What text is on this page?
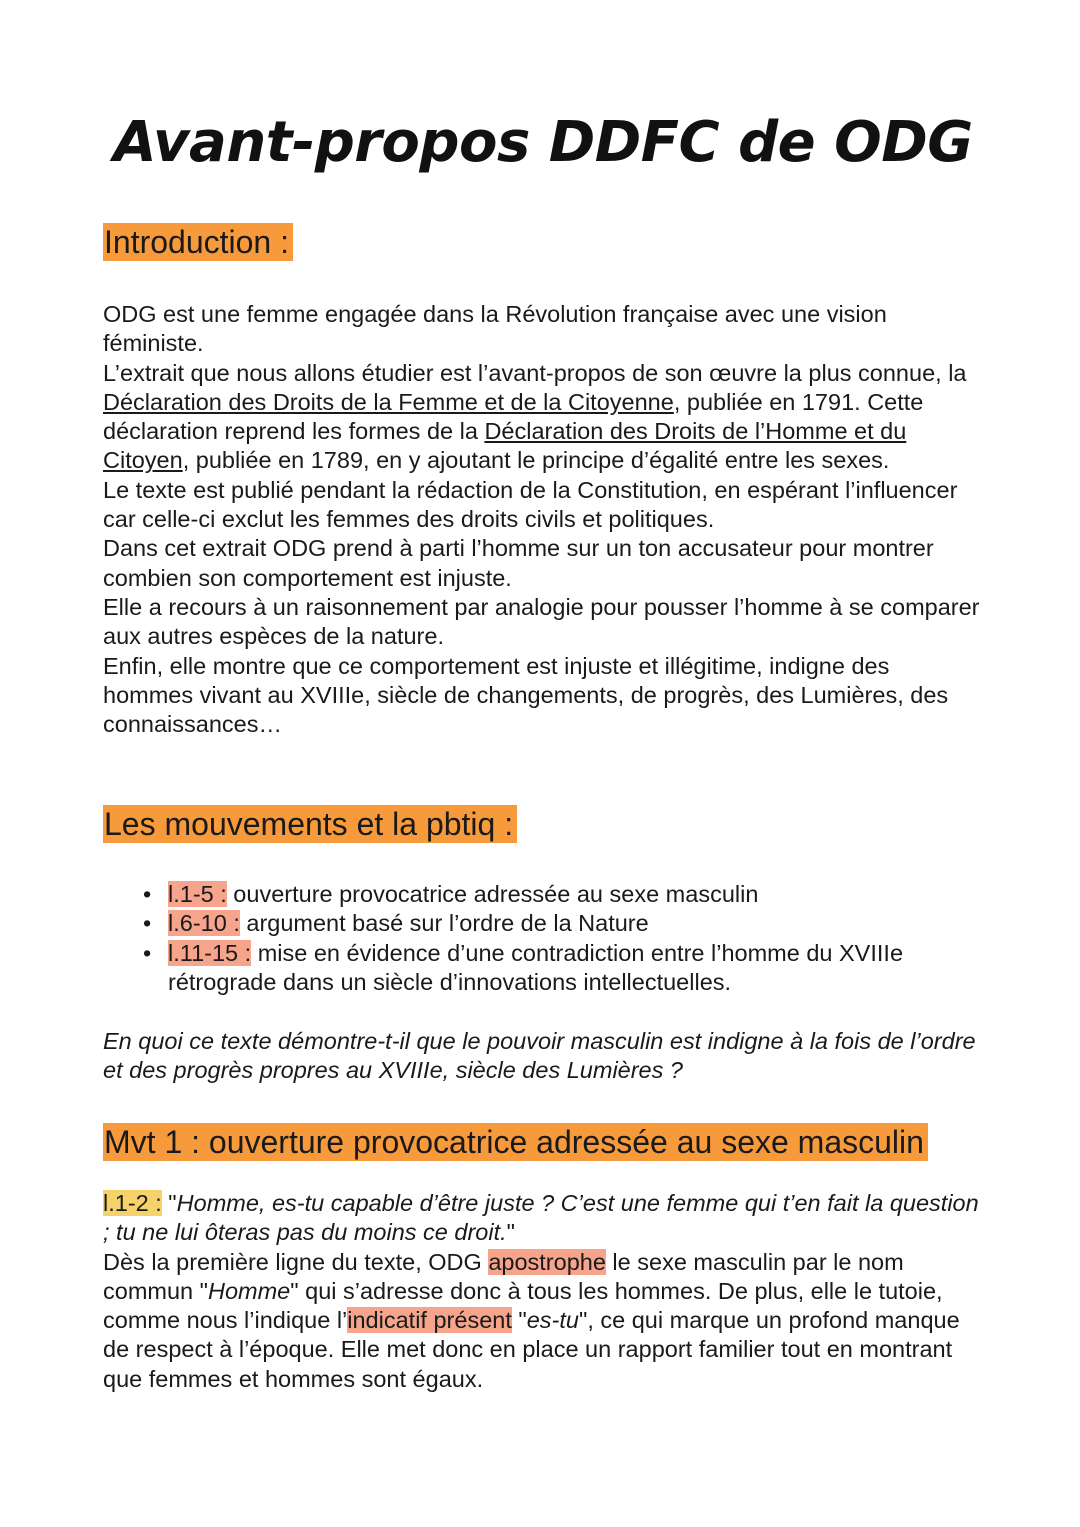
Avant-propos DDFC de ODG
Introduction :

ODG est une femme engagée dans la Révolution française avec une vision féministe.

L’extrait que nous allons étudier est l’avant-propos de son œuvre la plus connue, la Déclaration des Droits de la Femme et de la Citoyenne, publiée en 1791. Cette déclaration reprend les formes de la Déclaration des Droits de l’Homme et du Citoyen, publiée en 1789, en y ajoutant le principe d’égalité entre les sexes.

Le texte est publié pendant la rédaction de la Constitution, en espérant l’influencer car celle-ci exclut les femmes des droits civils et politiques.

Dans cet extrait ODG prend à parti l’homme sur un ton accusateur pour montrer combien son comportement est injuste.

Elle a recours à un raisonnement par analogie pour pousser l’homme à se comparer aux autres espèces de la nature.

Enfin, elle montre que ce comportement est injuste et illégitime, indigne des hommes vivant au XVIIIe, siècle de changements, de progrès, des Lumières, des connaissances…

Les mouvements et la pbtiq :
• l.1-5 : ouverture provocatrice adressée au sexe masculin
• l.6-10 : argument basé sur l’ordre de la Nature
• l.11-15 : mise en évidence d’une contradiction entre l’homme du XVIIIe rétrograde dans un siècle d’innovations intellectuelles.

En quoi ce texte démontre-t-il que le pouvoir masculin est indigne à la fois de l’ordre et des progrès propres au XVIIIe, siècle des Lumières ?

Mvt 1 : ouverture provocatrice adressée au sexe masculin

l.1-2 : "Homme, es-tu capable d’être juste ? C’est une femme qui t’en fait la question ; tu ne lui ôteras pas du moins ce droit."

Dès la première ligne du texte, ODG apostrophe le sexe masculin par le nom commun "Homme" qui s’adresse donc à tous les hommes. De plus, elle le tutoie, comme nous l’indique l’indicatif présent "es-tu", ce qui marque un profond manque de respect à l’époque. Elle met donc en place un rapport familier tout en montrant que femmes et hommes sont égaux.
